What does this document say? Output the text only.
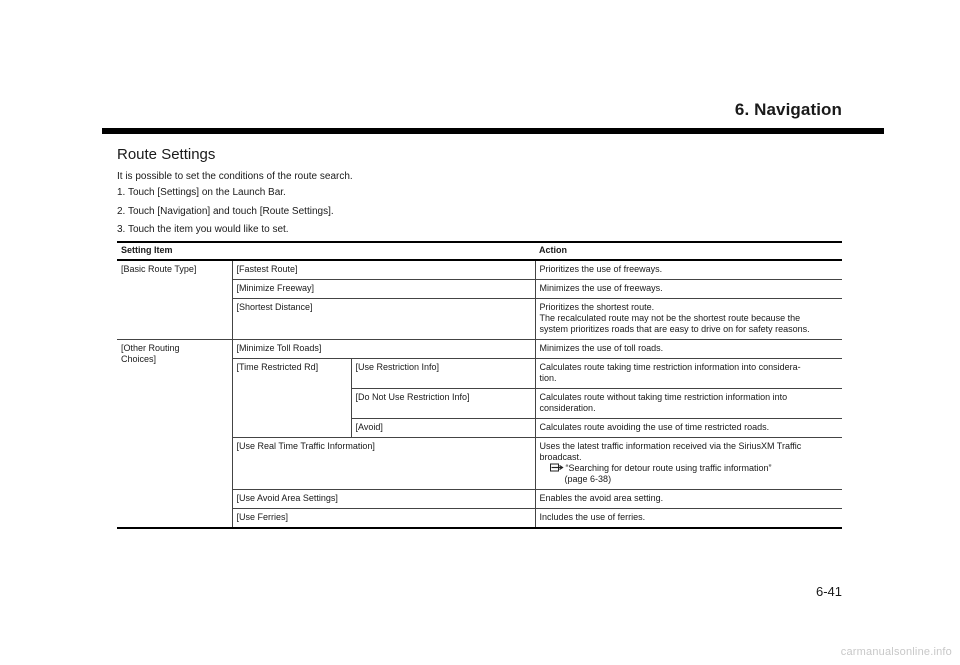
6. Navigation
Route Settings
It is possible to set the conditions of the route search.
1. Touch [Settings] on the Launch Bar.
2. Touch [Navigation] and touch [Route Settings].
3. Touch the item you would like to set.
Setting Item			Action
[Basic Route Type]	[Fastest Route]		Prioritizes the use of freeways.
	[Minimize Freeway]		Minimizes the use of freeways.
	[Shortest Distance]		Prioritizes the shortest route.
The recalculated route may not be the shortest route because the
system prioritizes roads that are easy to drive on for safety reasons.

[Other Routing
Choices]	[Minimize Toll Roads]		Minimizes the use of toll roads.
	[Time Restricted Rd]	[Use Restriction Info]	Calculates route taking time restriction information into considera-
tion.

		[Do Not Use Restriction Info]	Calculates route without taking time restriction information into
consideration.

		[Avoid]	Calculates route avoiding the use of time restricted roads.
	[Use Real Time Traffic Information]		Uses the latest traffic information received via the SiriusXM Traffic
broadcast.
“Searching for detour route using traffic information”
(page 6-38)

	[Use Avoid Area Settings]		Enables the avoid area setting.
	[Use Ferries]		Includes the use of ferries.
6-41
carmanualsonline.info
